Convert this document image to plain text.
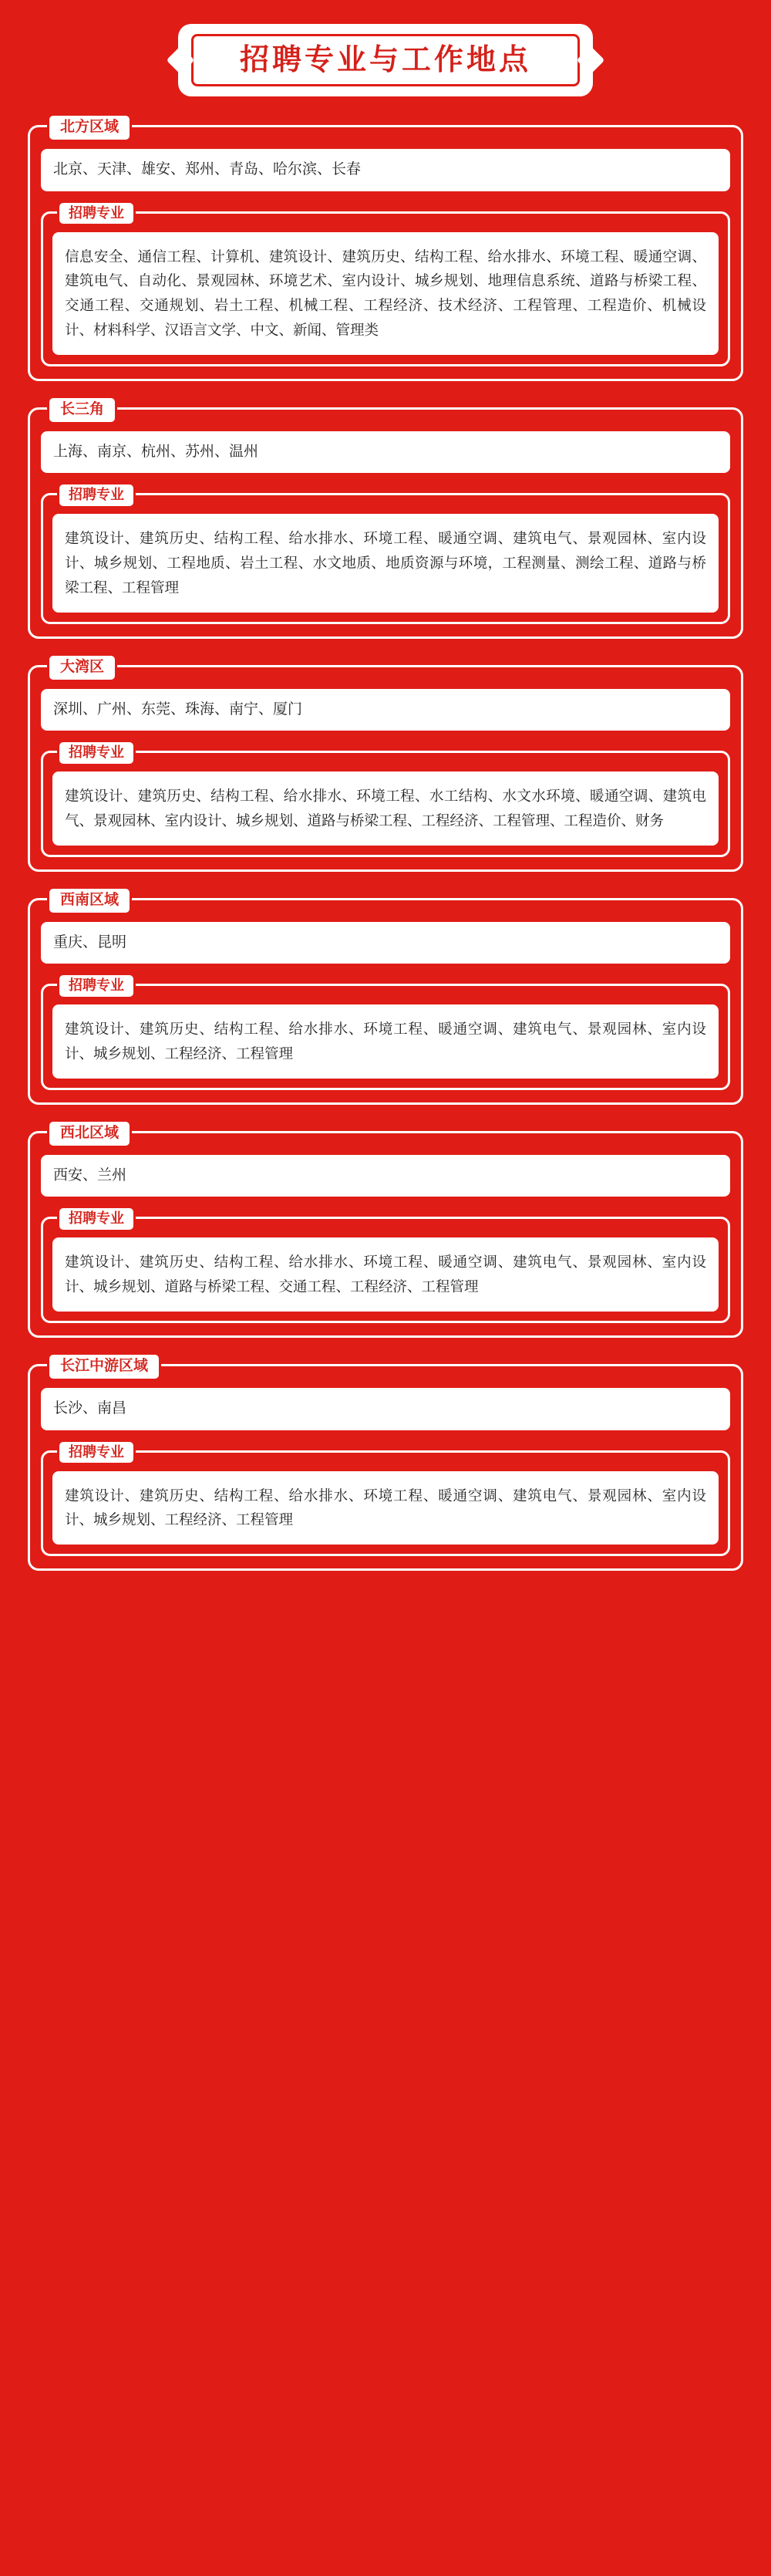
招聘专业与工作地点
北方区域
北京、天津、雄安、郑州、青岛、哈尔滨、长春
招聘专业
信息安全、通信工程、计算机、建筑设计、建筑历史、结构工程、给水排水、环境工程、暖通空调、建筑电气、自动化、景观园林、环境艺术、室内设计、城乡规划、地理信息系统、道路与桥梁工程、交通工程、交通规划、岩土工程、机械工程、工程经济、技术经济、工程管理、工程造价、机械设计、材料科学、汉语言文学、中文、新闻、管理类
长三角
上海、南京、杭州、苏州、温州
招聘专业
建筑设计、建筑历史、结构工程、给水排水、环境工程、暖通空调、建筑电气、景观园林、室内设计、城乡规划、工程地质、岩土工程、水文地质、地质资源与环境，工程测量、测绘工程、道路与桥梁工程、工程管理
大湾区
深圳、广州、东莞、珠海、南宁、厦门
招聘专业
建筑设计、建筑历史、结构工程、给水排水、环境工程、水工结构、水文水环境、暖通空调、建筑电气、景观园林、室内设计、城乡规划、道路与桥梁工程、工程经济、工程管理、工程造价、财务
西南区域
重庆、昆明
招聘专业
建筑设计、建筑历史、结构工程、给水排水、环境工程、暖通空调、建筑电气、景观园林、室内设计、城乡规划、工程经济、工程管理
西北区域
西安、兰州
招聘专业
建筑设计、建筑历史、结构工程、给水排水、环境工程、暖通空调、建筑电气、景观园林、室内设计、城乡规划、道路与桥梁工程、交通工程、工程经济、工程管理
长江中游区域
长沙、南昌
招聘专业
建筑设计、建筑历史、结构工程、给水排水、环境工程、暖通空调、建筑电气、景观园林、室内设计、城乡规划、工程经济、工程管理
